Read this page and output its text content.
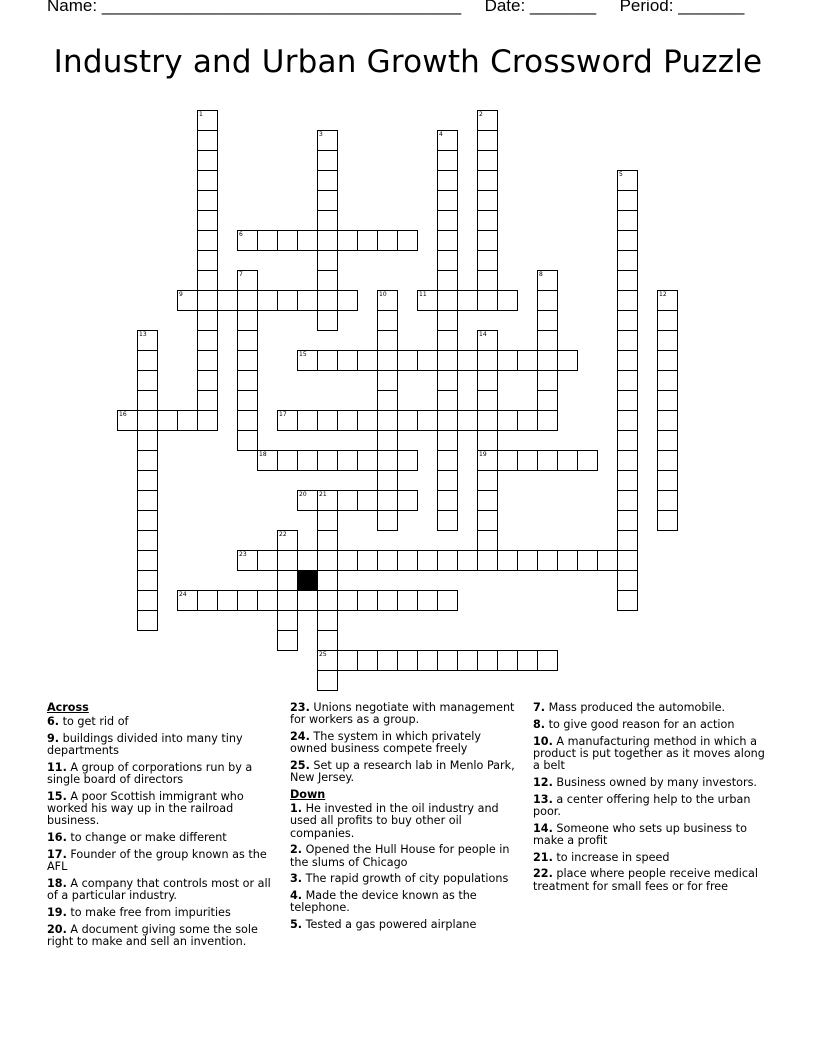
Name: ______________________________________ Date: _______ Period: _______
Industry and Urban Growth Crossword Puzzle
1	2
3	4
5
6
7	8
9	10	11	12
13	14
19
15
16	17
18
20 21
25
22
23
24
Across
6. to get rid of
9. buildings divided into many tiny departments
11. A group of corporations run by a single board of directors
15. A poor Scottish immigrant who worked his way up in the railroad business.
16. to change or make different
17. Founder of the group known as the AFL
18. A company that controls most or all of a particular industry.
19. to make free from impurities
20. A document giving some the sole right to make and sell an invention.
23. Unions negotiate with management for workers as a group.
24. The system in which privately owned business compete freely
25. Set up a research lab in Menlo Park, New Jersey.
Down
1. He invested in the oil industry and used all profits to buy other oil companies.
2. Opened the Hull House for people in the slums of Chicago
3. The rapid growth of city populations
4. Made the device known as the telephone.
5. Tested a gas powered airplane
7. Mass produced the automobile.
8. to give good reason for an action
10. A manufacturing method in which a product is put together as it moves along a belt
12. Business owned by many investors.
13. a center offering help to the urban poor.
14. Someone who sets up business to make a profit
21. to increase in speed
22. place where people receive medical treatment for small fees or for free
